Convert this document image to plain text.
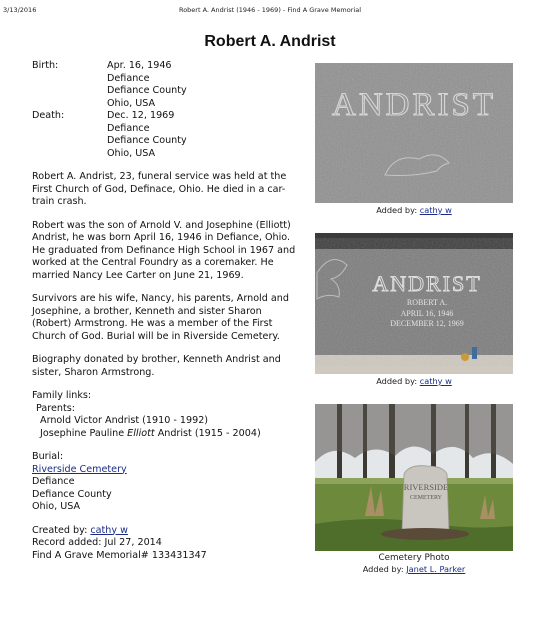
3/13/2016	Robert A. Andrist (1946 - 1969) - Find A Grave Memorial
Robert A. Andrist
Birth:	Apr. 16, 1946
Defiance
Defiance County
Ohio, USA
Death:	Dec. 12, 1969
Defiance
Defiance County
Ohio, USA
Robert A. Andrist, 23, funeral service was held at the First Church of God, Definace, Ohio. He died in a car-train crash.
Robert was the son of Arnold V. and Josephine (Elliott) Andrist, he was born April 16, 1946 in Defiance, Ohio. He graduated from Definance High School in 1967 and worked at the Central Foundry as a coremaker. He married Nancy Lee Carter on June 21, 1969.
Survivors are his wife, Nancy, his parents, Arnold and Josephine, a brother, Kenneth and sister Sharon (Robert) Armstrong. He was a member of the First Church of God. Burial will be in Riverside Cemetery.
Biography donated by brother, Kenneth Andrist and sister, Sharon Armstrong.
Family links:
Parents:
Arnold Victor Andrist (1910 - 1992)
Josephine Pauline Elliott Andrist (1915 - 2004)
Burial:
Riverside Cemetery
Defiance
Defiance County
Ohio, USA
Created by: cathy w
Record added: Jul 27, 2014
Find A Grave Memorial# 133431347
ANDRIST
Added by: cathy w
ANDRIST
ROBERT A.
APRIL 16, 1946
DECEMBER 12, 1969
Added by: cathy w
RIVERSIDE
CEMETERY
Cemetery Photo
Added by: Janet L. Parker
